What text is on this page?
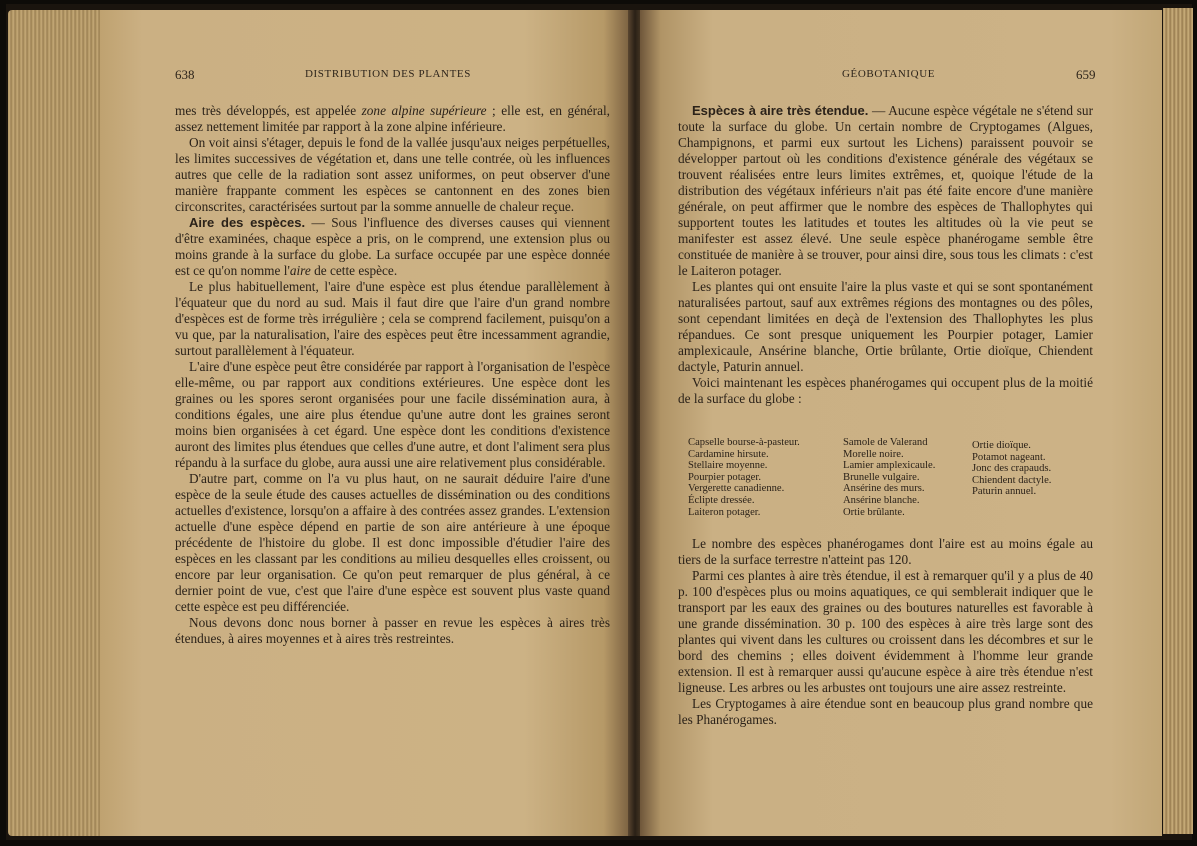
638	DISTRIBUTION DES PLANTES

mes très développés, est appelée zone alpine supérieure ; elle est, en général, assez nettement limitée par rapport à la zone alpine inférieure.

On voit ainsi s'étager, depuis le fond de la vallée jusqu'aux neiges perpétuelles, les limites successives de végétation et, dans une telle contrée, où les influences autres que celle de la radiation sont assez uniformes, on peut observer d'une manière frappante comment les espèces se cantonnent en des zones bien circonscrites, caractérisées surtout par la somme annuelle de chaleur reçue.

Aire des espèces. — Sous l'influence des diverses causes qui viennent d'être examinées, chaque espèce a pris, on le comprend, une extension plus ou moins grande à la surface du globe. La surface occupée par une espèce donnée est ce qu'on nomme l'aire de cette espèce.

Le plus habituellement, l'aire d'une espèce est plus étendue parallèlement à l'équateur que du nord au sud. Mais il faut dire que l'aire d'un grand nombre d'espèces est de forme très irrégulière ; cela se comprend facilement, puisqu'on a vu que, par la naturalisation, l'aire des espèces peut être incessamment agrandie, surtout parallèlement à l'équateur.

L'aire d'une espèce peut être considérée par rapport à l'organisation de l'espèce elle-même, ou par rapport aux conditions extérieures. Une espèce dont les graines ou les spores seront organisées pour une facile dissémination aura, à conditions égales, une aire plus étendue qu'une autre dont les graines seront moins bien organisées à cet égard. Une espèce dont les conditions d'existence auront des limites plus étendues que celles d'une autre, et dont l'aliment sera plus répandu à la surface du globe, aura aussi une aire relativement plus considérable.

D'autre part, comme on l'a vu plus haut, on ne saurait déduire l'aire d'une espèce de la seule étude des causes actuelles de dissémination ou des conditions actuelles d'existence, lorsqu'on a affaire à des contrées assez grandes. L'extension actuelle d'une espèce dépend en partie de son aire antérieure à une époque précédente de l'histoire du globe. Il est donc impossible d'étudier l'aire des espèces en les classant par les conditions au milieu desquelles elles croissent, ou encore par leur organisation. Ce qu'on peut remarquer de plus général, à ce dernier point de vue, c'est que l'aire d'une espèce est souvent plus vaste quand cette espèce est peu différenciée.

Nous devons donc nous borner à passer en revue les espèces à aires très étendues, à aires moyennes et à aires très restreintes.

GÉOBOTANIQUE	659

Espèces à aire très étendue. — Aucune espèce végétale ne s'étend sur toute la surface du globe. Un certain nombre de Cryptogames (Algues, Champignons, et parmi eux surtout les Lichens) paraissent pouvoir se développer partout où les conditions d'existence générale des végétaux se trouvent réalisées entre leurs limites extrêmes, et, quoique l'étude de la distribution des végétaux inférieurs n'ait pas été faite encore d'une manière générale, on peut affirmer que le nombre des espèces de Thallophytes qui supportent toutes les latitudes et toutes les altitudes où la vie peut se manifester est assez élevé. Une seule espèce phanérogame semble être constituée de manière à se trouver, pour ainsi dire, sous tous les climats : c'est le Laiteron potager.

Les plantes qui ont ensuite l'aire la plus vaste et qui se sont spontanément naturalisées partout, sauf aux extrêmes régions des montagnes ou des pôles, sont cependant limitées en deçà de l'extension des Thallophytes les plus répandues. Ce sont presque uniquement les Pourpier potager, Lamier amplexicaule, Ansérine blanche, Ortie brûlante, Ortie dioïque, Chiendent dactyle, Paturin annuel.

Voici maintenant les espèces phanérogames qui occupent plus de la moitié de la surface du globe :

Capselle bourse-à-pasteur.
Cardamine hirsute.
Stellaire moyenne.
Pourpier potager.
Vergerette canadienne.
Éclipte dressée.
Laiteron potager.
Samole de Valerand
Morelle noire.
Lamier amplexicaule.
Brunelle vulgaire.
Ansérine des murs.
Ansérine blanche.
Ortie brûlante.
Ortie dioïque.
Potamot nageant.
Jonc des crapauds.
Chiendent dactyle.
Paturin annuel.

Le nombre des espèces phanérogames dont l'aire est au moins égale au tiers de la surface terrestre n'atteint pas 120.

Parmi ces plantes à aire très étendue, il est à remarquer qu'il y a plus de 40 p. 100 d'espèces plus ou moins aquatiques, ce qui semblerait indiquer que le transport par les eaux des graines ou des boutures naturelles est favorable à une grande dissémination. 30 p. 100 des espèces à aire très large sont des plantes qui vivent dans les cultures ou croissent dans les décombres et sur le bord des chemins ; elles doivent évidemment à l'homme leur grande extension. Il est à remarquer aussi qu'aucune espèce à aire très étendue n'est ligneuse. Les arbres ou les arbustes ont toujours une aire assez restreinte.

Les Cryptogames à aire étendue sont en beaucoup plus grand nombre que les Phanérogames.
